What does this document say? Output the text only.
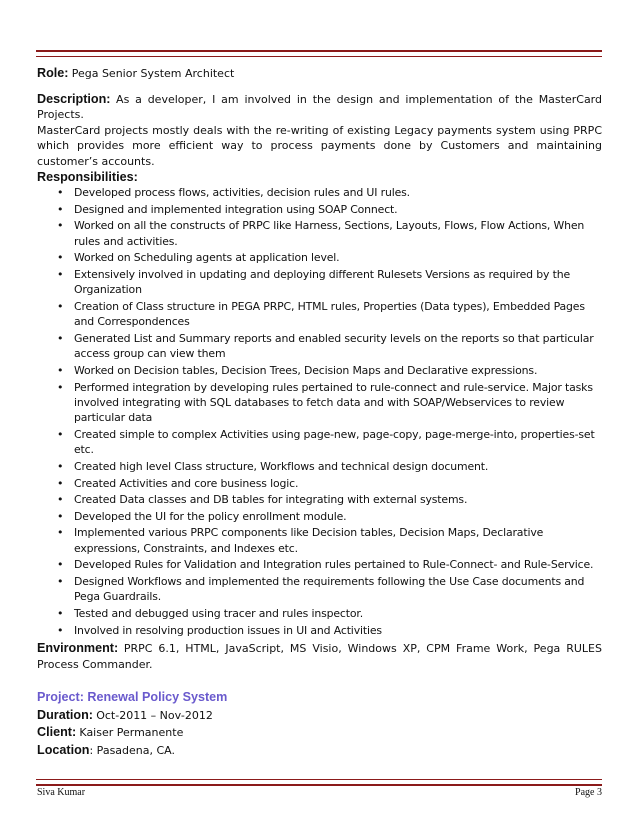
Role: Pega Senior System Architect

Description: As a developer, I am involved in the design and implementation of the MasterCard Projects.

MasterCard projects mostly deals with the re-writing of existing Legacy payments system using PRPC which provides more efficient way to process payments done by Customers and maintaining customer’s accounts.

Responsibilities:
• Developed process flows, activities, decision rules and UI rules.
• Designed and implemented integration using SOAP Connect.
• Worked on all the constructs of PRPC like Harness, Sections, Layouts, Flows, Flow Actions, When rules and activities.
• Worked on Scheduling agents at application level.
• Extensively involved in updating and deploying different Rulesets Versions as required by the Organization
• Creation of Class structure in PEGA PRPC, HTML rules, Properties (Data types), Embedded Pages and Correspondences
• Generated List and Summary reports and enabled security levels on the reports so that particular access group can view them
• Worked on Decision tables, Decision Trees, Decision Maps and Declarative expressions.
• Performed integration by developing rules pertained to rule-connect and rule-service. Major tasks involved integrating with SQL databases to fetch data and with SOAP/Webservices to review particular data
• Created simple to complex Activities using page-new, page-copy, page-merge-into, properties-set etc.
• Created high level Class structure, Workflows and technical design document.
• Created Activities and core business logic.
• Created Data classes and DB tables for integrating with external systems.
• Developed the UI for the policy enrollment module.
• Implemented various PRPC components like Decision tables, Decision Maps, Declarative expressions, Constraints, and Indexes etc.
• Developed Rules for Validation and Integration rules pertained to Rule-Connect- and Rule-Service.
• Designed Workflows and implemented the requirements following the Use Case documents and Pega Guardrails.
• Tested and debugged using tracer and rules inspector.
• Involved in resolving production issues in UI and Activities

Environment: PRPC 6.1, HTML, JavaScript, MS Visio, Windows XP, CPM Frame Work, Pega RULES Process Commander.

Project: Renewal Policy System
Duration: Oct-2011 – Nov-2012
Client: Kaiser Permanente
Location: Pasadena, CA.
Siva Kumar	Page 3
